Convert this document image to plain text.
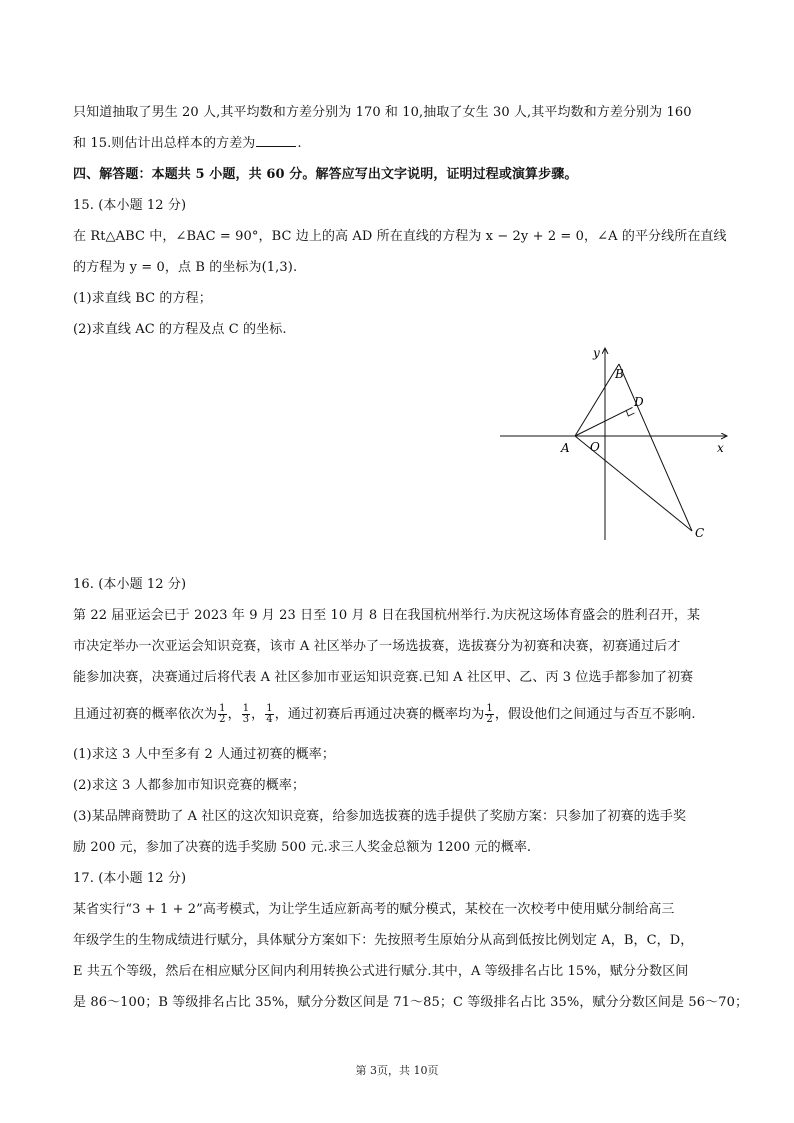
只知道抽取了男生 20 人,其平均数和方差分别为 170 和 10,抽取了女生 30 人,其平均数和方差分别为 160
和 15.则估计出总样本的方差为	.
四、解答题：本题共 5 小题，共 60 分。解答应写出文字说明，证明过程或演算步骤。
15. (本小题 12 分)
在 Rt△ABC 中，∠BAC = 90°，BC 边上的高 AD 所在直线的方程为 x − 2y + 2 = 0，∠A 的平分线所在直线
的方程为 y = 0，点 B 的坐标为(1,3).
(1)求直线 BC 的方程；
(2)求直线 AC 的方程及点 C 的坐标.
y
x
B
D
A O
C
16. (本小题 12 分)
第 22 届亚运会已于 2023 年 9 月 23 日至 10 月 8 日在我国杭州举行.为庆祝这场体育盛会的胜利召开，某
市决定举办一次亚运会知识竞赛，该市 A 社区举办了一场选拔赛，选拔赛分为初赛和决赛，初赛通过后才
能参加决赛，决赛通过后将代表 A 社区参加市亚运知识竞赛.已知 A 社区甲、乙、丙 3 位选手都参加了初赛
且通过初赛的概率依次为 $\frac{1}{2}$ ， $\frac{1}{3}$ ， $\frac{1}{4}$ ，通过初赛后再通过决赛的概率均为 $\frac{1}{2}$ ，假设他们之间通过与否互不影响.
(1)求这 3 人中至多有 2 人通过初赛的概率；
(2)求这 3 人都参加市知识竞赛的概率；
(3)某品牌商赞助了 A 社区的这次知识竞赛，给参加选拔赛的选手提供了奖励方案：只参加了初赛的选手奖
励 200 元，参加了决赛的选手奖励 500 元.求三人奖金总额为 1200 元的概率.
17. (本小题 12 分)
某省实行“3 + 1 + 2”高考模式，为让学生适应新高考的赋分模式，某校在一次校考中使用赋分制给高三
年级学生的生物成绩进行赋分，具体赋分方案如下：先按照考生原始分从高到低按比例划定 A，B，C，D，
E 共五个等级，然后在相应赋分区间内利用转换公式进行赋分.其中，A 等级排名占比 15%，赋分分数区间
是 86～100；B 等级排名占比 35%，赋分分数区间是 71～85；C 等级排名占比 35%，赋分分数区间是 56～70；
第 3页，共 10页
